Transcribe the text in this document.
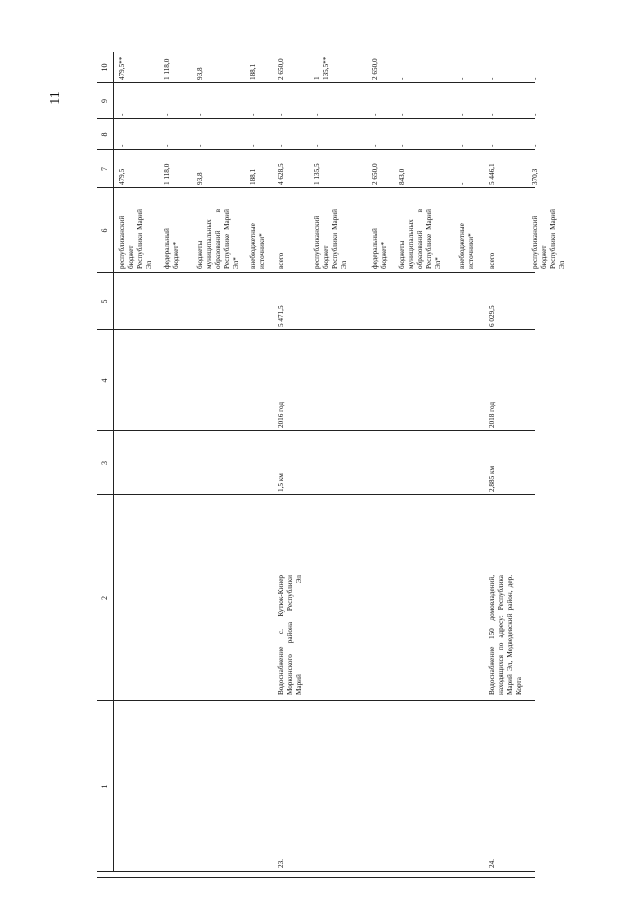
11
1
2
3
4
5
6
7
8
9
10
республиканский бюджет Республики Марий Эл
479,5
-
-
479,5**
федеральный бюджет*
1 118,0
-
-
1 118,0
бюджеты муниципальных образований в Республике Марий Эл*
93,8
-
-
93,8
внебюджетные источники*
188,1
-
-
188,1
23.
Водоснабжение с. Кутюк-Кинер Моркинского района Республики Марий Эл
1,5 км
2016 год
5 471,5
всего
4 628,5
-
-
2 650,0
республиканский бюджет Республики Марий Эл
1 135,5
-
-
1 135,5**
федеральный бюджет*
2 650,0
-
-
2 650,0
бюджеты муниципальных образований в Республике Марий Эл*
843,0
-
-
-
внебюджетные источники*
-
-
-
-
24.
Водоснабжение 150 домовладений, находящихся по адресу: Республика Марий Эл, Медведевский район, дер. Корта
2,885 км
2018 год
6 029,5
всего
5 446,1
-
-
-
республиканский бюджет Республики Марий Эл
370,3
-
-
-
